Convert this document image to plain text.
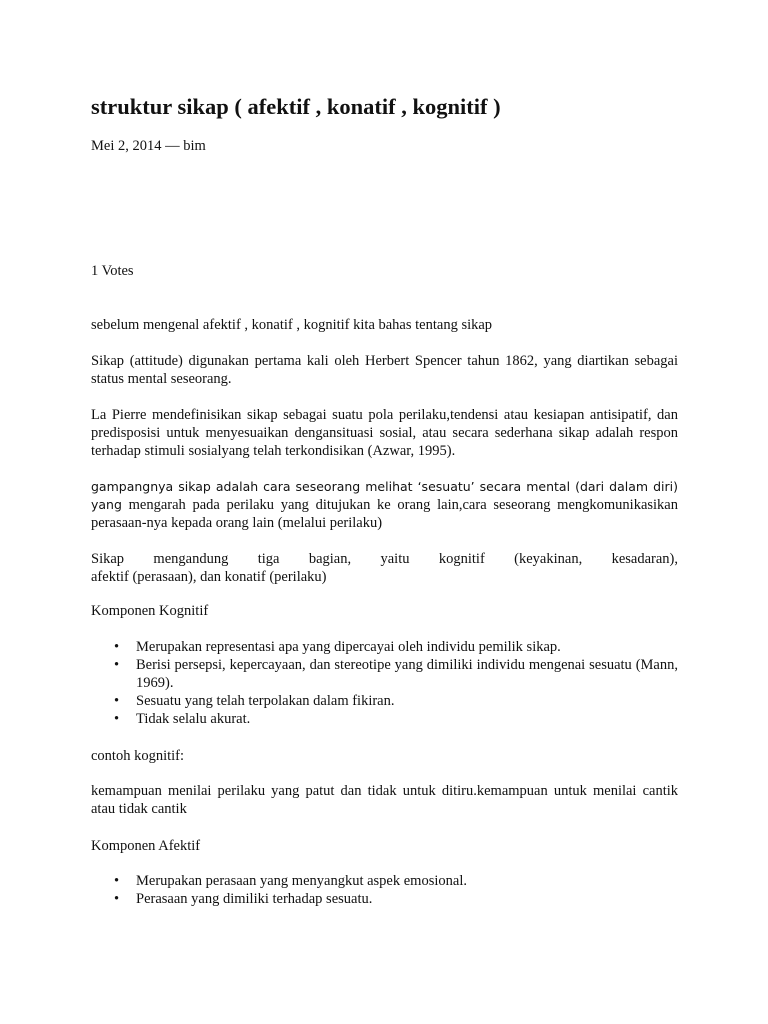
struktur sikap ( afektif , konatif , kognitif )
Mei 2, 2014 — bim
1 Votes

sebelum mengenal afektif , konatif , kognitif kita bahas tentang sikap

Sikap (attitude) digunakan pertama kali oleh Herbert Spencer tahun 1862, yang diartikan sebagai status mental seseorang.

La Pierre mendefinisikan sikap sebagai suatu pola perilaku,tendensi atau kesiapan antisipatif, dan predisposisi untuk menyesuaikan dengansituasi sosial, atau secara sederhana sikap adalah respon terhadap stimuli sosialyang telah terkondisikan (Azwar, 1995).

gampangnya sikap adalah cara seseorang melihat ‘sesuatu’ secara mental (dari dalam diri) yang mengarah pada perilaku yang ditujukan ke orang lain,cara seseorang mengkomunikasikan perasaan-nya kepada orang lain (melalui perilaku)

Sikap mengandung tiga bagian, yaitu kognitif (keyakinan, kesadaran),

afektif (perasaan), dan konatif (perilaku)

Komponen Kognitif

• Merupakan representasi apa yang dipercayai oleh individu pemilik sikap.
• Berisi persepsi, kepercayaan, dan stereotipe yang dimiliki individu mengenai sesuatu (Mann, 1969).
• Sesuatu yang telah terpolakan dalam fikiran.
• Tidak selalu akurat.

contoh kognitif:

kemampuan menilai perilaku yang patut dan tidak untuk ditiru.kemampuan untuk menilai cantik atau tidak cantik

Komponen Afektif

• Merupakan perasaan yang menyangkut aspek emosional.
• Perasaan yang dimiliki terhadap sesuatu.
